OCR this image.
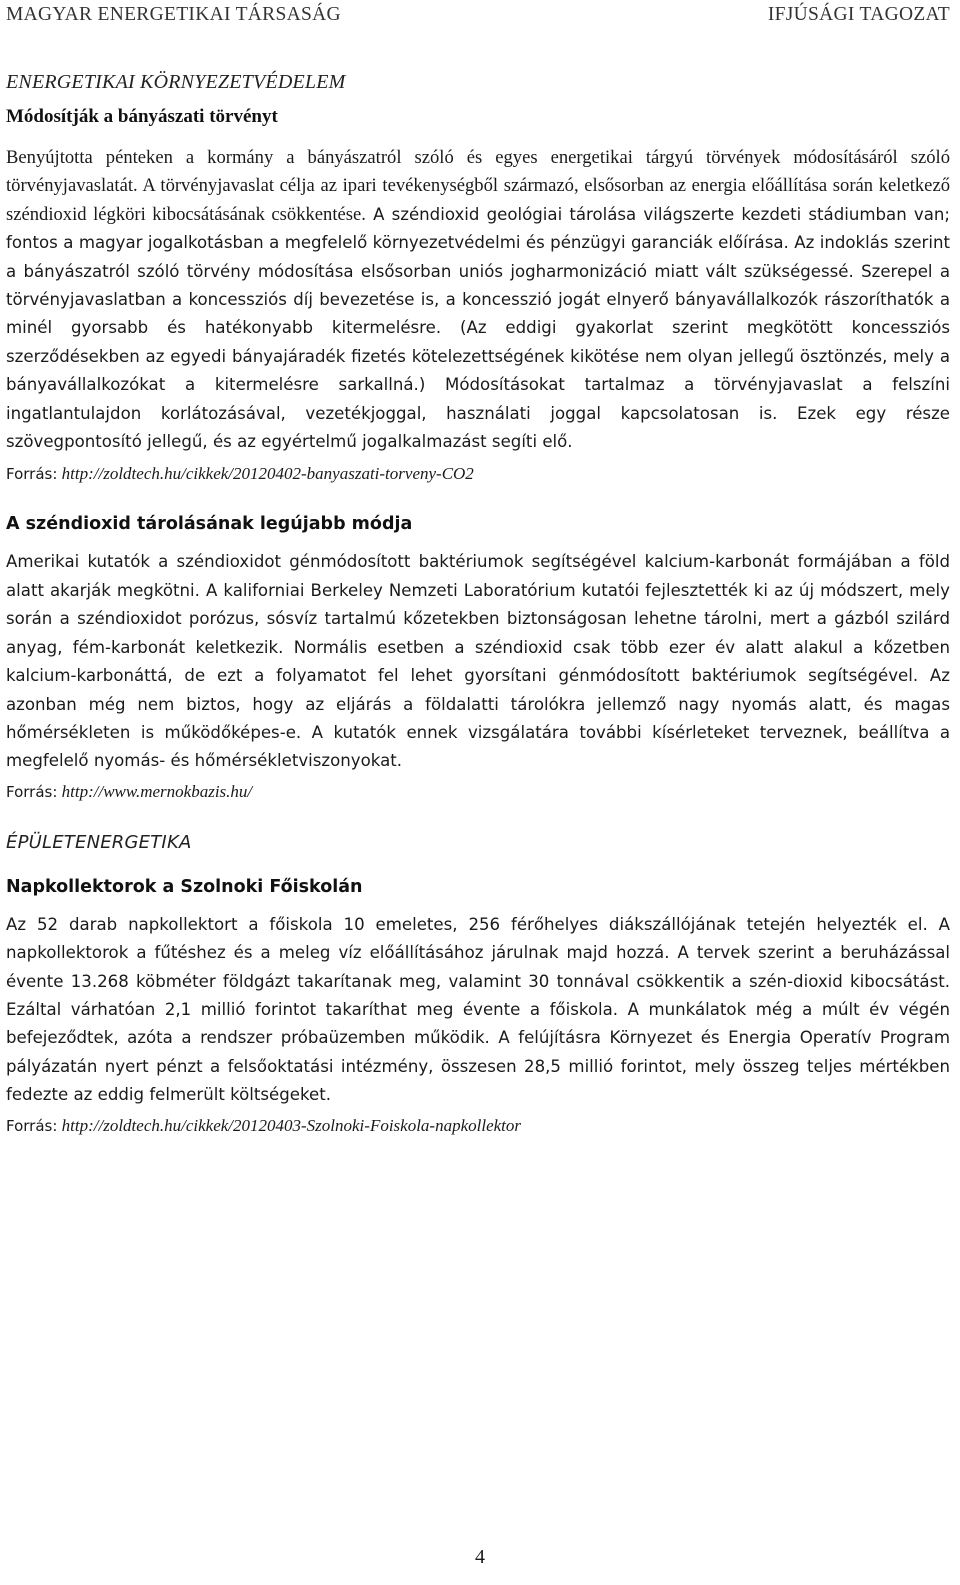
MAGYAR ENERGETIKAI TÁRSASÁG	IFJÚSÁGI TAGOZAT
ENERGETIKAI KÖRNYEZETVÉDELEM
Módosítják a bányászati törvényt

Benyújtotta pénteken a kormány a bányászatról szóló és egyes energetikai tárgyú törvények módosításáról szóló törvényjavaslatát. A törvényjavaslat célja az ipari tevékenységből származó, elsősorban az energia előállítása során keletkező széndioxid légköri kibocsátásának csökkentése. A széndioxid geológiai tárolása világszerte kezdeti stádiumban van; fontos a magyar jogalkotásban a megfelelő környezetvédelmi és pénzügyi garanciák előírása. Az indoklás szerint a bányászatról szóló törvény módosítása elsősorban uniós jogharmonizáció miatt vált szükségessé. Szerepel a törvényjavaslatban a koncessziós díj bevezetése is, a koncesszió jogát elnyerő bányavállalkozók rászoríthatók a minél gyorsabb és hatékonyabb kitermelésre. (Az eddigi gyakorlat szerint megkötött koncessziós szerződésekben az egyedi bányajáradék fizetés kötelezettségének kikötése nem olyan jellegű ösztönzés, mely a bányavállalkozókat a kitermelésre sarkallná.) Módosításokat tartalmaz a törvényjavaslat a felszíni ingatlantulajdon korlátozásával, vezetékjoggal, használati joggal kapcsolatosan is. Ezek egy része szövegpontosító jellegű, és az egyértelmű jogalkalmazást segíti elő.

Forrás: http://zoldtech.hu/cikkek/20120402-banyaszati-torveny-CO2
A széndioxid tárolásának legújabb módja

Amerikai kutatók a széndioxidot génmódosított baktériumok segítségével kalcium-karbonát formájában a föld alatt akarják megkötni. A kaliforniai Berkeley Nemzeti Laboratórium kutatói fejlesztették ki az új módszert, mely során a széndioxidot porózus, sósvíz tartalmú kőzetekben biztonságosan lehetne tárolni, mert a gázból szilárd anyag, fém-karbonát keletkezik. Normális esetben a széndioxid csak több ezer év alatt alakul a kőzetben kalcium-karbonáttá, de ezt a folyamatot fel lehet gyorsítani génmódosított baktériumok segítségével. Az azonban még nem biztos, hogy az eljárás a földalatti tárolókra jellemző nagy nyomás alatt, és magas hőmérsékleten is működőképes-e. A kutatók ennek vizsgálatára további kísérleteket terveznek, beállítva a megfelelő nyomás- és hőmérsékletviszonyokat.

Forrás: http://www.mernokbazis.hu/
ÉPÜLETENERGETIKA
Napkollektorok a Szolnoki Főiskolán

Az 52 darab napkollektort a főiskola 10 emeletes, 256 férőhelyes diákszállójának tetején helyezték el. A napkollektorok a fűtéshez és a meleg víz előállításához járulnak majd hozzá. A tervek szerint a beruházással évente 13.268 köbméter földgázt takarítanak meg, valamint 30 tonnával csökkentik a szén-dioxid kibocsátást. Ezáltal várhatóan 2,1 millió forintot takaríthat meg évente a főiskola. A munkálatok még a múlt év végén befejeződtek, azóta a rendszer próbaüzemben működik. A felújításra Környezet és Energia Operatív Program pályázatán nyert pénzt a felsőoktatási intézmény, összesen 28,5 millió forintot, mely összeg teljes mértékben fedezte az eddig felmerült költségeket.

Forrás: http://zoldtech.hu/cikkek/20120403-Szolnoki-Foiskola-napkollektor
4
